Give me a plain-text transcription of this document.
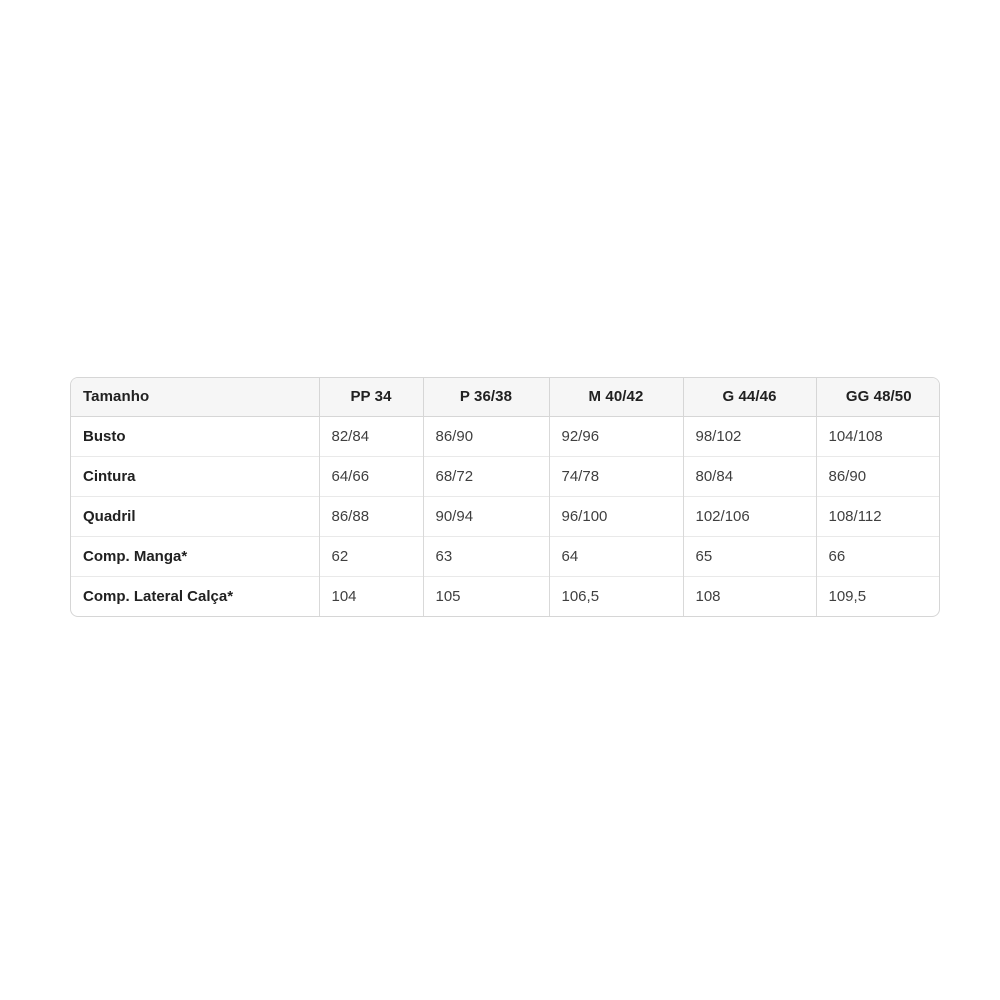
Tamanho	PP 34	P 36/38	M 40/42	G 44/46	GG 48/50
Busto	82/84	86/90	92/96	98/102	104/108
Cintura	64/66	68/72	74/78	80/84	86/90
Quadril	86/88	90/94	96/100	102/106	108/112
Comp. Manga*	62	63	64	65	66
Comp. Lateral Calça*	104	105	106,5	108	109,5
